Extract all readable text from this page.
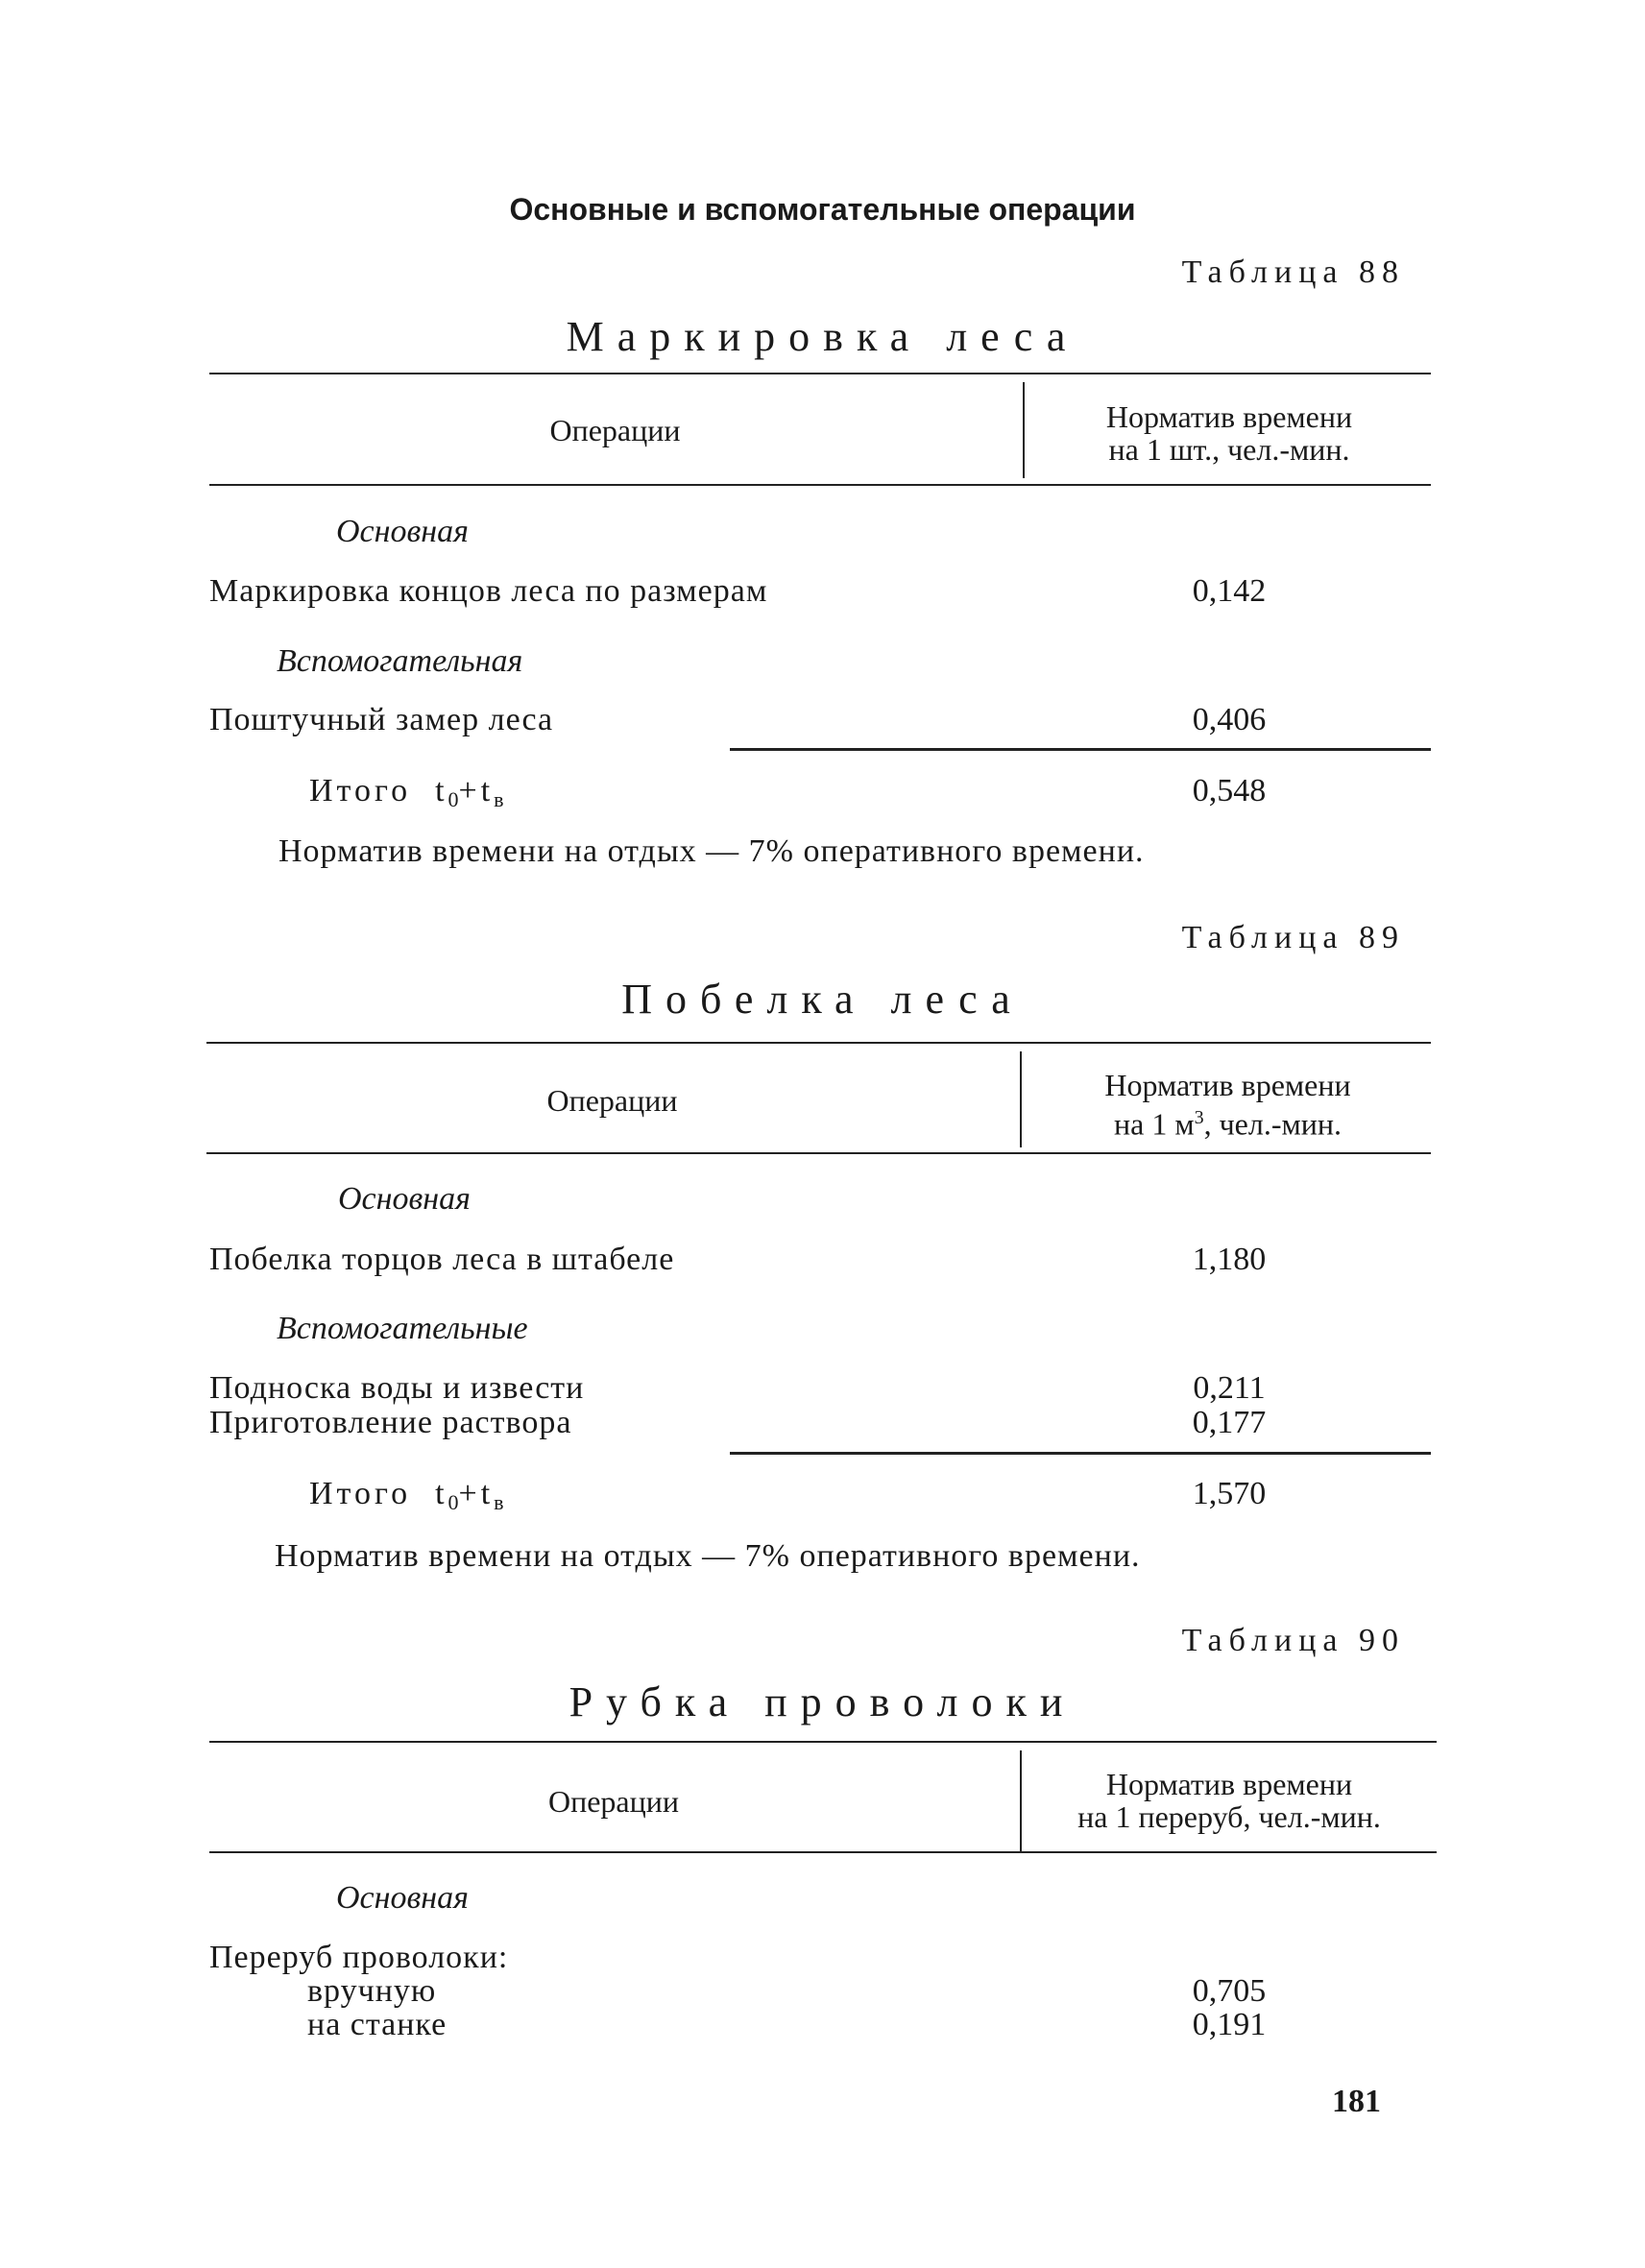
Основные и вспомогательные операции
Таблица 88
Маркировка леса
Операции	Норматив времени
на 1 шт., чел.-мин.
Основная
Маркировка концов леса по размерам	0,142
Вспомогательная
Поштучный замер леса	0,406
Итого $t_0+t_в$	0,548
Норматив времени на отдых — 7% оперативного времени.
Таблица 89
Побелка леса
Операции	Норматив времени
на 1 $м^3$, чел.-мин.
Основная
Побелка торцов леса в штабеле	1,180
Вспомогательные
Подноска воды и извести	0,211
Приготовление раствора	0,177
Итого $t_0+t_в$	1,570
Норматив времени на отдых — 7% оперативного времени.
Таблица 90
Рубка проволоки
Операции	Норматив времени
на 1 переруб, чел.-мин.
Основная
Переруб проволоки:
вручную	0,705
на станке	0,191
181
